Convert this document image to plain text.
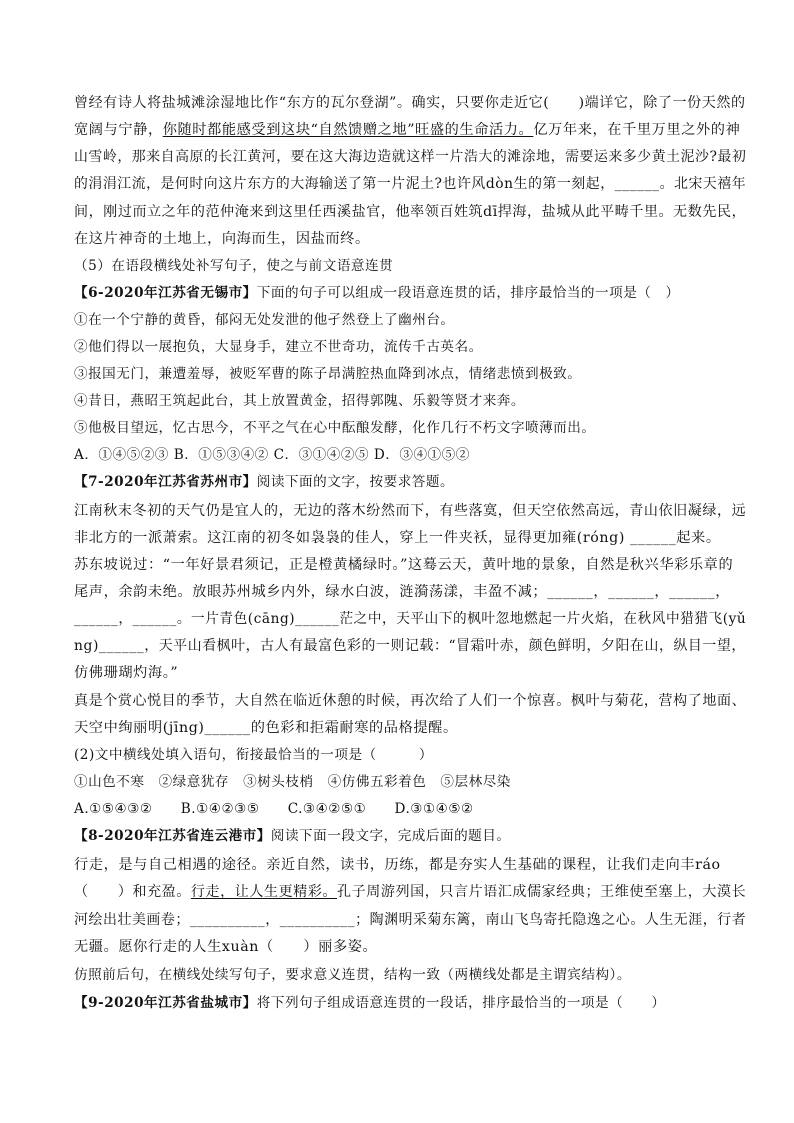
曾经有诗人将盐城滩涂湿地比作“东方的瓦尔登湖”。确实，只要你走近它(　　)端详它，除了一份天然的
宽阔与宁静，你随时都能感受到这块“自然馈赠之地”旺盛的生命活力。亿万年来，在千里万里之外的神
山雪岭，那来自高原的长江黄河，要在这大海边造就这样一片浩大的滩涂地，需要运来多少黄土泥沙?最初
的涓涓江流，是何时向这片东方的大海输送了第一片泥土?也许风dòn生的第一刻起，______。北宋天禧年
间，刚过而立之年的范仲淹来到这里任西溪盐官，他率领百姓筑dī捍海，盐城从此平畴千里。无数先民，
在这片神奇的土地上，向海而生，因盐而终。
（5）在语段横线处补写句子，使之与前文语意连贯
【6-2020年江苏省无锡市】下面的句子可以组成一段语意连贯的话，排序最恰当的一项是（　）
①在一个宁静的黄昏，郁闷无处发泄的他孑然登上了幽州台。
②他们得以一展抱负，大显身手，建立不世奇功，流传千古英名。
③报国无门，兼遭羞辱，被贬军曹的陈子昂满腔热血降到冰点，情绪悲愤到极致。
④昔日，燕昭王筑起此台，其上放置黄金，招得郭隗、乐毅等贤才来奔。
⑤他极目望远，忆古思今，不平之气在心中酝酿发酵，化作几行不朽文字喷薄而出。
A．①④⑤②③ B．①⑤③④② C．③①④②⑤ D．③④①⑤②
【7-2020年江苏省苏州市】阅读下面的文字，按要求答题。
江南秋末冬初的天气仍是宜人的，无边的落木纷然而下，有些落寞，但天空依然高远，青山依旧凝绿，远
非北方的一派萧索。这江南的初冬如袅袅的佳人，穿上一件夹袄，显得更加雍(róng) ______起来。
苏东坡说过：“一年好景君须记，正是橙黄橘绿时。”这蓦云天，黄叶地的景象，自然是秋兴华彩乐章的
尾声，余韵未绝。放眼苏州城乡内外，绿水白波，涟漪荡漾，丰盈不减；______，______，______，
______，______。一片青色(cāng)______茫之中，天平山下的枫叶忽地燃起一片火焰，在秋风中猎猎飞(yǔ
ng)______，天平山看枫叶，古人有最富色彩的一则记载：“冒霜叶赤，颜色鲜明，夕阳在山，纵目一望，
仿佛珊瑚灼海。”
真是个赏心悦目的季节，大自然在临近休憩的时候，再次给了人们一个惊喜。枫叶与菊花，营构了地面、
天空中绚丽明(jīng)______的色彩和拒霜耐寒的品格提醒。
(2)文中横线处填入语句，衔接最恰当的一项是（　　　）
①山色不寒　②绿意犹存　③树头枝梢　④仿佛五彩着色　⑤层林尽染
A.①⑤④③②　　B.①④②③⑤　　C.③④②⑤①　　D.③①④⑤②
【8-2020年江苏省连云港市】阅读下面一段文字，完成后面的题目。
行走，是与自己相遇的途径。亲近自然，读书，历练，都是夯实人生基础的课程，让我们走向丰ráo
（　　）和充盈。行走，让人生更精彩。孔子周游列国，只言片语汇成儒家经典；王维使至塞上，大漠长
河绘出壮美画卷；__________，__________；陶渊明采菊东篱，南山飞鸟寄托隐逸之心。人生无涯，行者
无疆。愿你行走的人生xuàn（　　）丽多姿。
仿照前后句，在横线处续写句子，要求意义连贯，结构一致（两横线处都是主谓宾结构）。
【9-2020年江苏省盐城市】将下列句子组成语意连贯的一段话，排序最恰当的一项是（　　）
